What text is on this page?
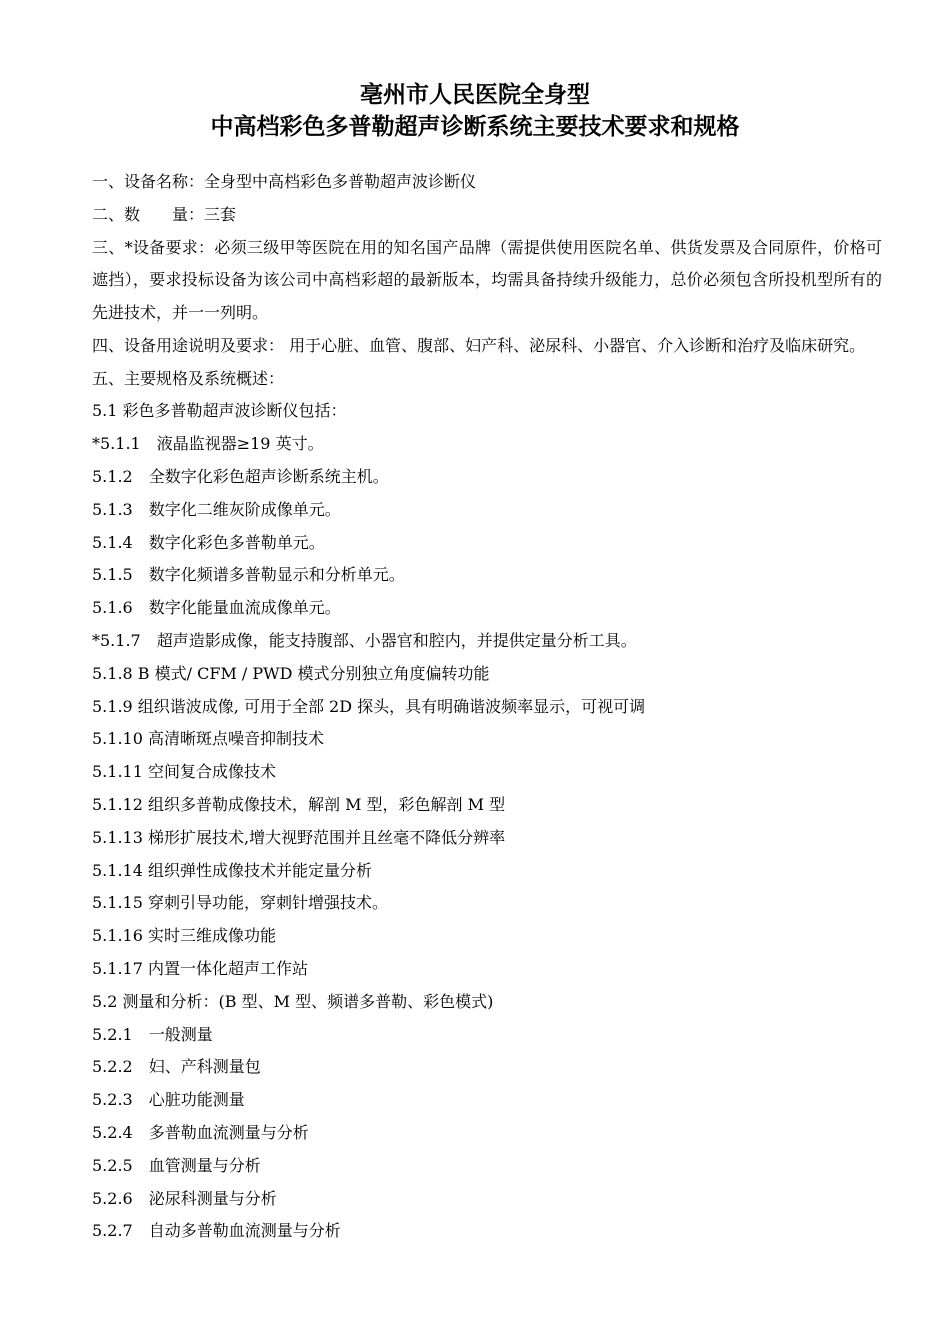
亳州市人民医院全身型
中高档彩色多普勒超声诊断系统主要技术要求和规格
一、设备名称：全身型中高档彩色多普勒超声波诊断仪
二、数　　量：三套
三、*设备要求：必须三级甲等医院在用的知名国产品牌（需提供使用医院名单、供货发票及合同原件，价格可遮挡），要求投标设备为该公司中高档彩超的最新版本，均需具备持续升级能力，总价必须包含所投机型所有的先进技术，并一一列明。
四、设备用途说明及要求： 用于心脏、血管、腹部、妇产科、泌尿科、小器官、介入诊断和治疗及临床研究。
五、主要规格及系统概述：
5.1 彩色多普勒超声波诊断仪包括：
*5.1.1　液晶监视器≥19 英寸。
5.1.2　全数字化彩色超声诊断系统主机。
5.1.3　数字化二维灰阶成像单元。
5.1.4　数字化彩色多普勒单元。
5.1.5　数字化频谱多普勒显示和分析单元。
5.1.6　数字化能量血流成像单元。
*5.1.7　超声造影成像，能支持腹部、小器官和腔内，并提供定量分析工具。
5.1.8 B 模式/ CFM / PWD 模式分别独立角度偏转功能
5.1.9 组织谐波成像, 可用于全部 2D 探头，具有明确谐波频率显示，可视可调
5.1.10 高清晰斑点噪音抑制技术
5.1.11 空间复合成像技术
5.1.12 组织多普勒成像技术，解剖 M 型，彩色解剖 M 型
5.1.13 梯形扩展技术,增大视野范围并且丝毫不降低分辨率
5.1.14 组织弹性成像技术并能定量分析
5.1.15 穿刺引导功能，穿刺针增强技术。
5.1.16 实时三维成像功能
5.1.17 内置一体化超声工作站
5.2 测量和分析：(B 型、M 型、频谱多普勒、彩色模式)
5.2.1　一般测量
5.2.2　妇、产科测量包
5.2.3　心脏功能测量
5.2.4　多普勒血流测量与分析
5.2.5　血管测量与分析
5.2.6　泌尿科测量与分析
5.2.7　自动多普勒血流测量与分析
